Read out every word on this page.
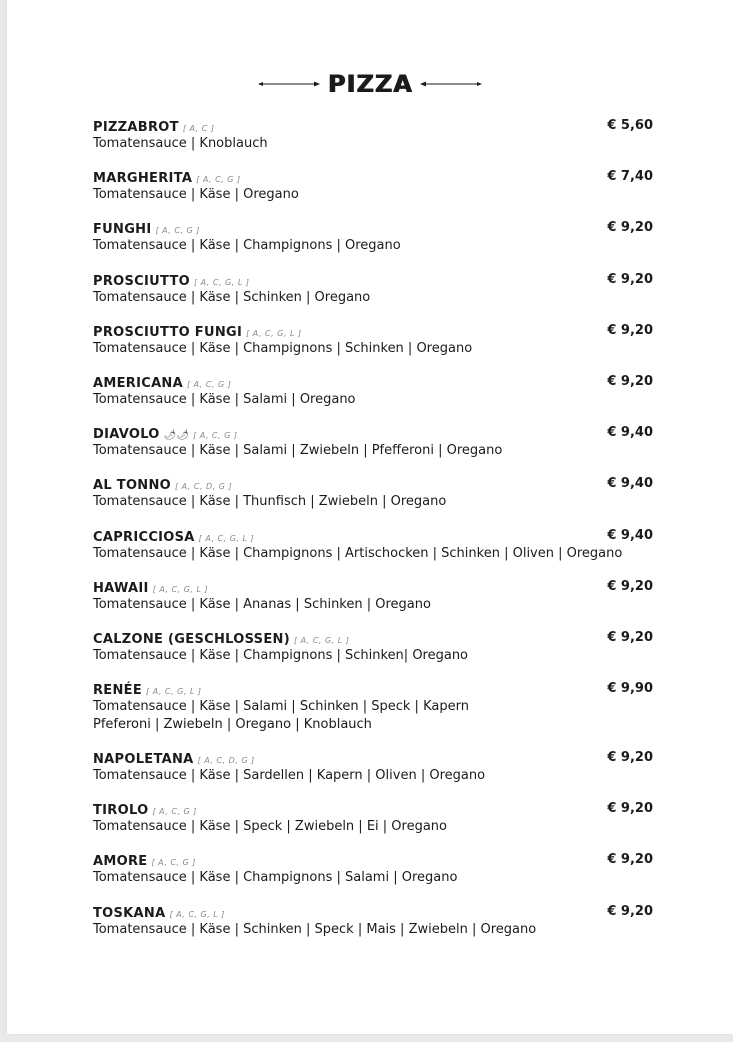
PIZZA
PIZZABROT [ A, C ]	€ 5,60
Tomatensauce | Knoblauch
MARGHERITA [ A, C, G ]	€ 7,40
Tomatensauce | Käse | Oregano
FUNGHI [ A, C, G ]	€ 9,20
Tomatensauce | Käse | Champignons | Oregano
PROSCIUTTO [ A, C, G, L ]	€ 9,20
Tomatensauce | Käse | Schinken | Oregano
PROSCIUTTO FUNGI [ A, C, G, L ]	€ 9,20
Tomatensauce | Käse | Champignons | Schinken | Oregano
AMERICANA [ A, C, G ]	€ 9,20
Tomatensauce | Käse | Salami | Oregano
DIAVOLO 🌶🌶 [ A, C, G ]	€ 9,40
Tomatensauce | Käse | Salami | Zwiebeln | Pfefferoni | Oregano
AL TONNO [ A, C, D, G ]	€ 9,40
Tomatensauce | Käse | Thunfisch | Zwiebeln | Oregano
CAPRICCIOSA [ A, C, G, L ]	€ 9,40
Tomatensauce | Käse | Champignons | Artischocken | Schinken | Oliven | Oregano
HAWAII [ A, C, G, L ]	€ 9,20
Tomatensauce | Käse | Ananas | Schinken | Oregano
CALZONE (GESCHLOSSEN) [ A, C, G, L ]	€ 9,20
Tomatensauce | Käse | Champignons | Schinken| Oregano
RENÉE [ A, C, G, L ]	€ 9,90
Tomatensauce | Käse | Salami | Schinken | Speck | Kapern
Pfeferoni | Zwiebeln | Oregano | Knoblauch
NAPOLETANA [ A, C, D, G ]	€ 9,20
Tomatensauce | Käse | Sardellen | Kapern | Oliven | Oregano
TIROLO [ A, C, G ]	€ 9,20
Tomatensauce | Käse | Speck | Zwiebeln | Ei | Oregano
AMORE [ A, C, G ]	€ 9,20
Tomatensauce | Käse | Champignons | Salami | Oregano
TOSKANA [ A, C, G, L ]	€ 9,20
Tomatensauce | Käse | Schinken | Speck | Mais | Zwiebeln | Oregano
